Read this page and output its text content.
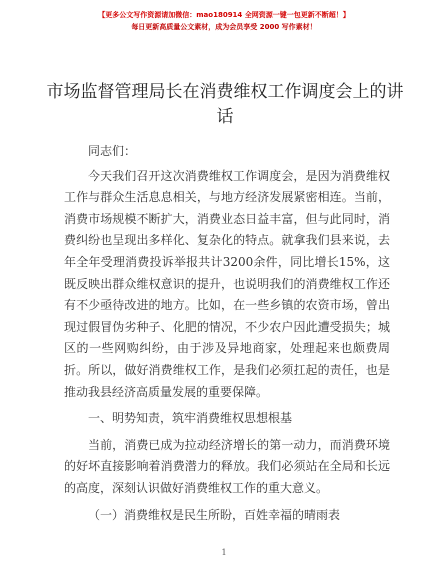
【更多公文写作资源请加微信：mao180914 全网资源一键一包更新不断超！】
每日更新高质量公文素材，成为会员享受 2000 写作素材！
市场监督管理局长在消费维权工作调度会上的讲话

同志们：

今天我们召开这次消费维权工作调度会，是因为消费维权工作与群众生活息息相关，与地方经济发展紧密相连。当前，消费市场规模不断扩大，消费业态日益丰富，但与此同时，消费纠纷也呈现出多样化、复杂化的特点。就拿我们县来说，去年全年受理消费投诉举报共计3200余件，同比增长15%，这既反映出群众维权意识的提升，也说明我们的消费维权工作还有不少亟待改进的地方。比如，在一些乡镇的农资市场，曾出现过假冒伪劣种子、化肥的情况，不少农户因此遭受损失；城区的一些网购纠纷，由于涉及异地商家，处理起来也颇费周折。所以，做好消费维权工作，是我们必须扛起的责任，也是推动我县经济高质量发展的重要保障。

一、明势知责，筑牢消费维权思想根基

当前，消费已成为拉动经济增长的第一动力，而消费环境的好坏直接影响着消费潜力的释放。我们必须站在全局和长远的高度，深刻认识做好消费维权工作的重大意义。

（一）消费维权是民生所盼，百姓幸福的晴雨表

1
